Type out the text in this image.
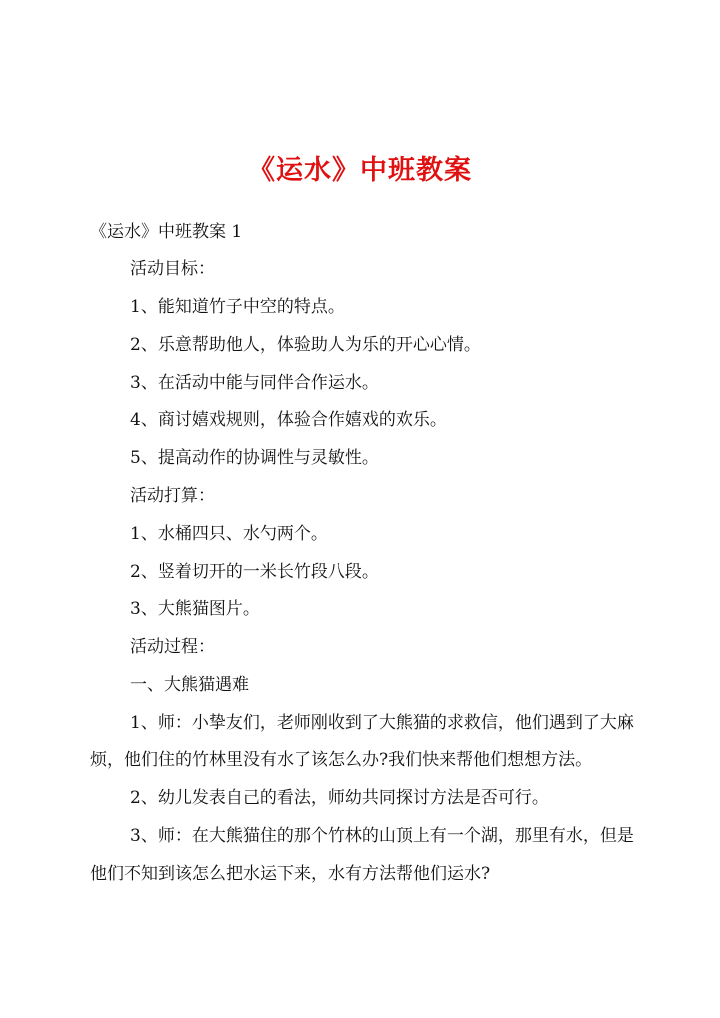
《运水》中班教案
《运水》中班教案 1
活动目标：
1、能知道竹子中空的特点。
2、乐意帮助他人，体验助人为乐的开心心情。
3、在活动中能与同伴合作运水。
4、商讨嬉戏规则，体验合作嬉戏的欢乐。
5、提高动作的协调性与灵敏性。
活动打算：
1、水桶四只、水勺两个。
2、竖着切开的一米长竹段八段。
3、大熊猫图片。
活动过程：
一、大熊猫遇难
1、师：小挚友们，老师刚收到了大熊猫的求救信，他们遇到了大麻
烦，他们住的竹林里没有水了该怎么办?我们快来帮他们想想方法。
2、幼儿发表自己的看法，师幼共同探讨方法是否可行。
3、师：在大熊猫住的那个竹林的山顶上有一个湖，那里有水，但是
他们不知到该怎么把水运下来，水有方法帮他们运水?
